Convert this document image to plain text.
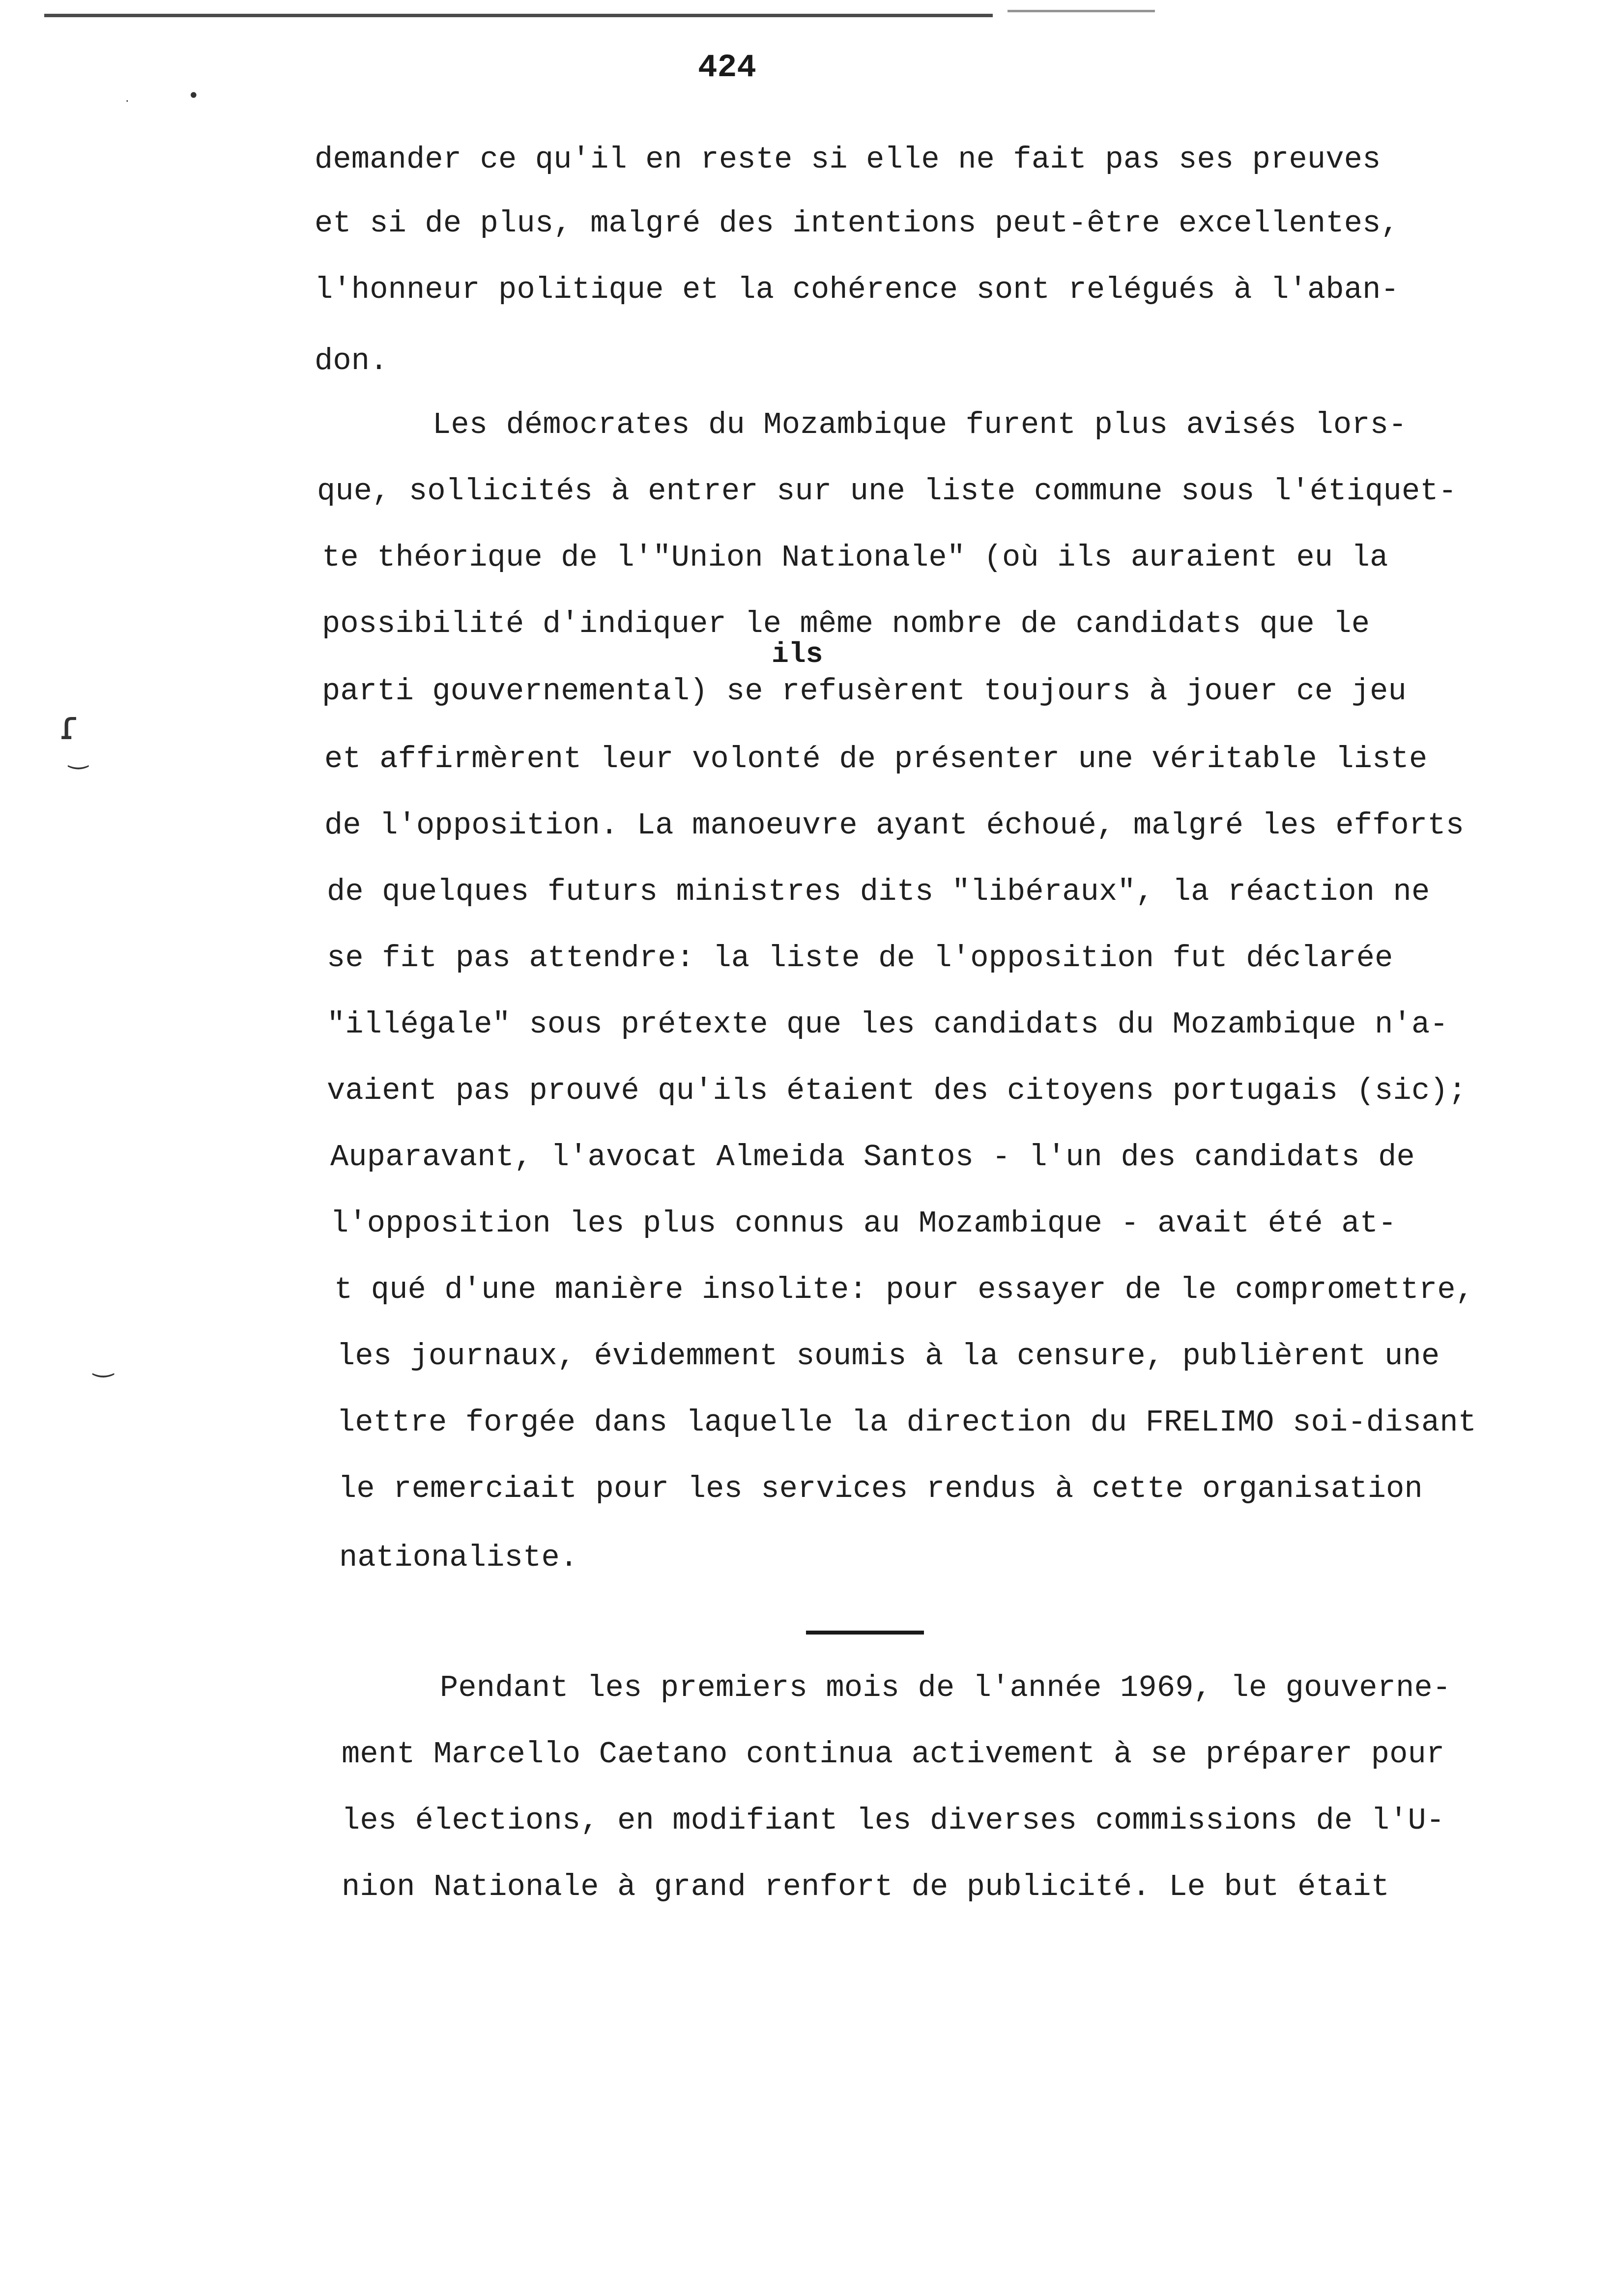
424
•
·
ɾ
‿
‿
demander ce qu'il en reste si elle ne fait pas ses preuves
et si de plus, malgré des intentions peut-être excellentes,
l'honneur politique et la cohérence sont relégués à l'aban-
don.
Les démocrates du Mozambique furent plus avisés lors-
que, sollicités à entrer sur une liste commune sous l'étiquet-
te théorique de l'"Union Nationale" (où ils auraient eu la
possibilité d'indiquer le même nombre de candidats que le
ils
parti gouvernemental) se refusèrent toujours à jouer ce jeu
et affirmèrent leur volonté de présenter une véritable liste
de l'opposition. La manoeuvre ayant échoué, malgré les efforts
de quelques futurs ministres dits "libéraux", la réaction ne
se fit pas attendre: la liste de l'opposition fut déclarée
"illégale" sous prétexte que les candidats du Mozambique n'a-
vaient pas prouvé qu'ils étaient des citoyens portugais (sic);
Auparavant, l'avocat Almeida Santos - l'un des candidats de
l'opposition les plus connus au Mozambique - avait été at-
t qué d'une manière insolite: pour essayer de le compromettre,
les journaux, évidemment soumis à la censure, publièrent une
lettre forgée dans laquelle la direction du FRELIMO soi-disant
le remerciait pour les services rendus à cette organisation
nationaliste.
Pendant les premiers mois de l'année 1969, le gouverne-
ment Marcello Caetano continua activement à se préparer pour
les élections, en modifiant les diverses commissions de l'U-
nion Nationale à grand renfort de publicité. Le but était
